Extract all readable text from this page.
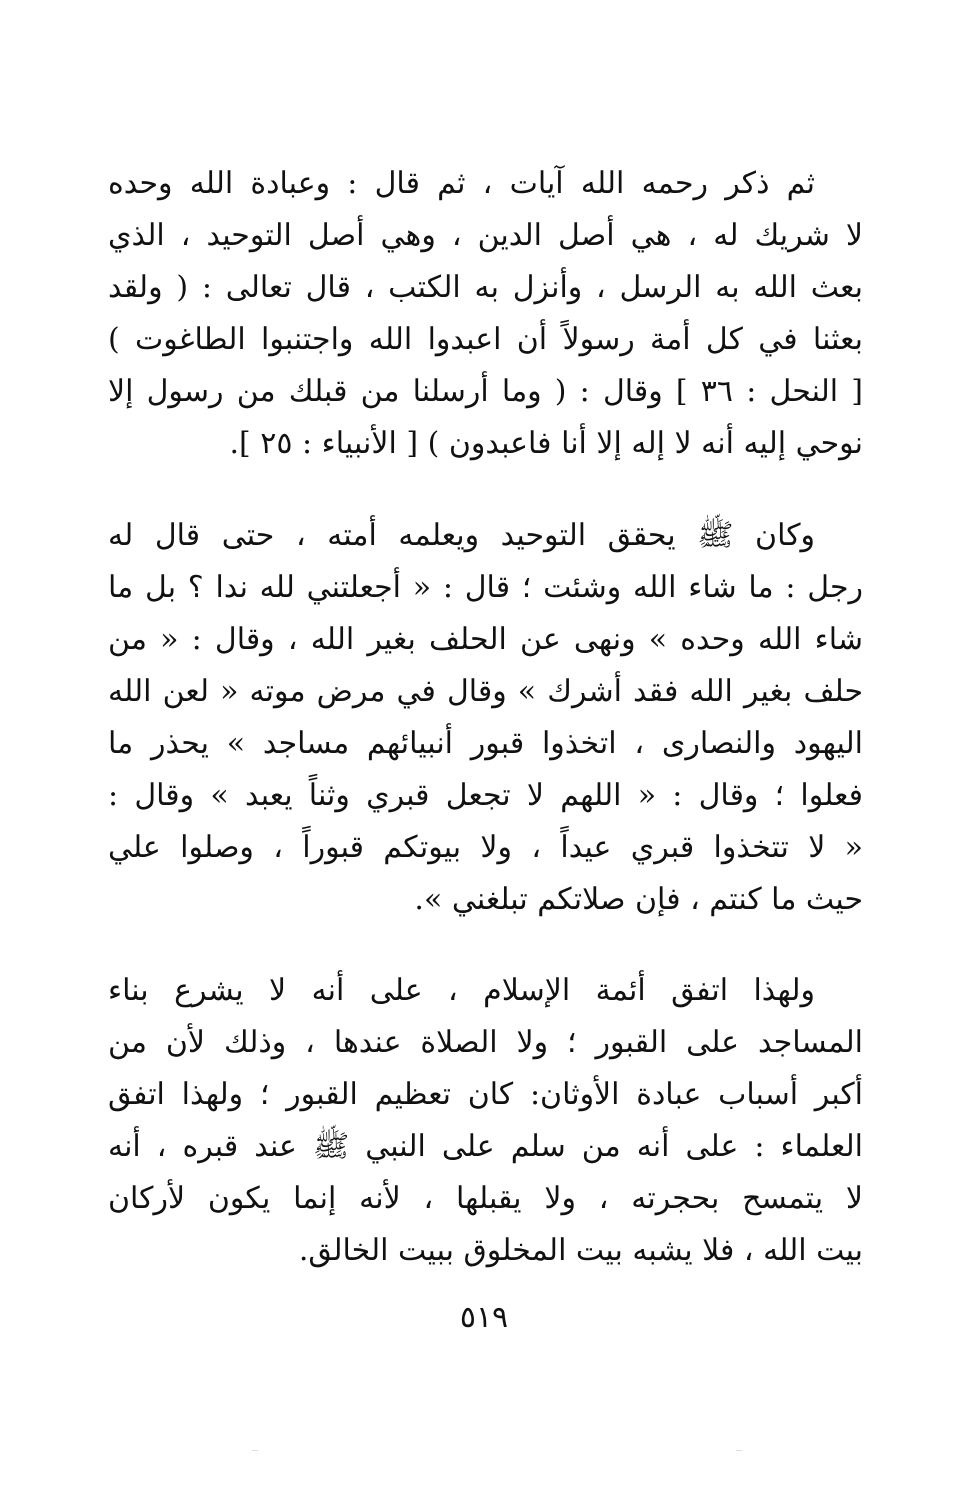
ثم ذكر رحمه الله آيات ، ثم قال : وعبادة الله وحده
لا شريك له ، هي أصل الدين ، وهي أصل التوحيد ، الذي
بعث الله به الرسل ، وأنزل به الكتب ، قال تعالى : ( ولقد
بعثنا في كل أمة رسولاً أن اعبدوا الله واجتنبوا الطاغوت )
[ النحل : ٣٦ ] وقال : ( وما أرسلنا من قبلك من رسول إلا
نوحي إليه أنه لا إله إلا أنا فاعبدون ) [ الأنبياء : ٢٥ ].
وكان ﷺ يحقق التوحيد ويعلمه أمته ، حتى قال له
رجل : ما شاء الله وشئت ؛ قال : « أجعلتني لله ندا ؟ بل ما
شاء الله وحده » ونهى عن الحلف بغير الله ، وقال : « من
حلف بغير الله فقد أشرك » وقال في مرض موته « لعن الله
اليهود والنصارى ، اتخذوا قبور أنبيائهم مساجد » يحذر ما
فعلوا ؛ وقال : « اللهم لا تجعل قبري وثناً يعبد » وقال :
« لا تتخذوا قبري عيداً ، ولا بيوتكم قبوراً ، وصلوا علي
حيث ما كنتم ، فإن صلاتكم تبلغني ».
ولهذا اتفق أئمة الإسلام ، على أنه لا يشرع بناء
المساجد على القبور ؛ ولا الصلاة عندها ، وذلك لأن من
أكبر أسباب عبادة الأوثان: كان تعظيم القبور ؛ ولهذا اتفق
العلماء : على أنه من سلم على النبي ﷺ عند قبره ، أنه
لا يتمسح بحجرته ، ولا يقبلها ، لأنه إنما يكون لأركان
بيت الله ، فلا يشبه بيت المخلوق ببيت الخالق.
٥١٩
